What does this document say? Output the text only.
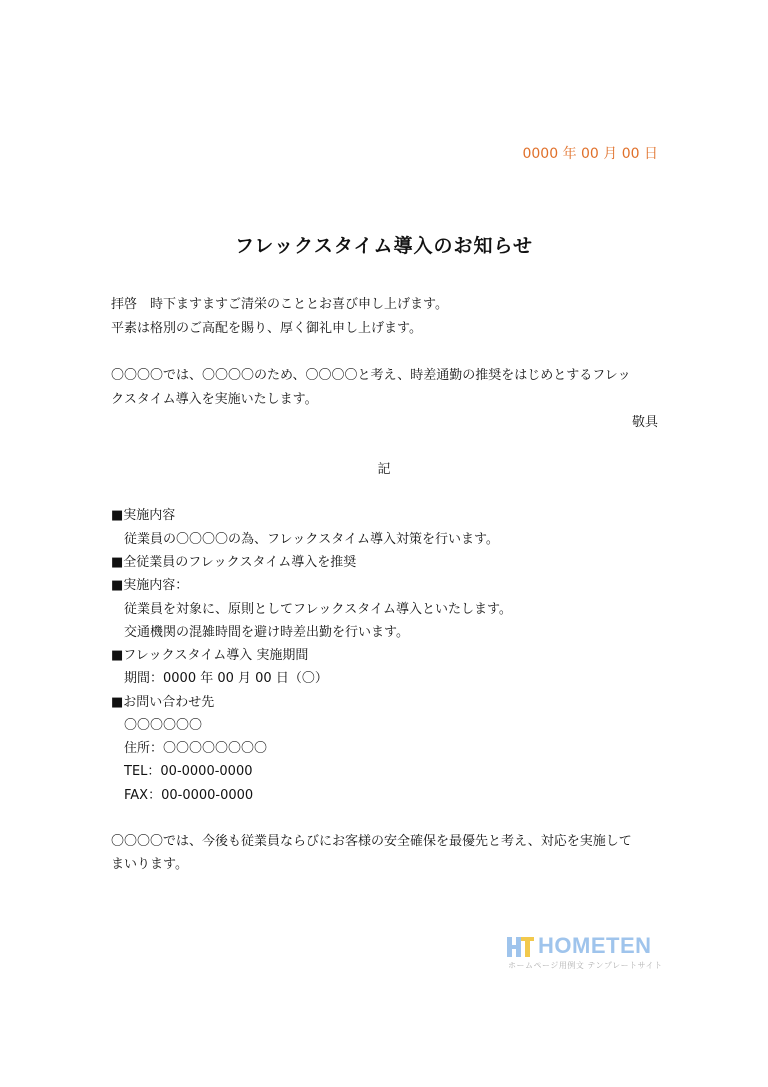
0000 年 00 月 00 日
フレックスタイム導入のお知らせ
拝啓　時下ますますご清栄のこととお喜び申し上げます。
平素は格別のご高配を賜り、厚く御礼申し上げます。
〇〇〇〇では、〇〇〇〇のため、〇〇〇〇と考え、時差通勤の推奨をはじめとするフレッ
クスタイム導入を実施いたします。
敬具
記
■実施内容
従業員の〇〇〇〇の為、フレックスタイム導入対策を行います。
■全従業員のフレックスタイム導入を推奨
■実施内容：
従業員を対象に、原則としてフレックスタイム導入といたします。
交通機関の混雑時間を避け時差出勤を行います。
■フレックスタイム導入 実施期間
期間：0000 年 00 月 00 日（〇）
■お問い合わせ先
〇〇〇〇〇〇
住所：〇〇〇〇〇〇〇〇
TEL：00-0000-0000
FAX：00-0000-0000
〇〇〇〇では、今後も従業員ならびにお客様の安全確保を最優先と考え、対応を実施して
まいります。
HOMETEN
ホームページ用例文 テンプレートサイト
